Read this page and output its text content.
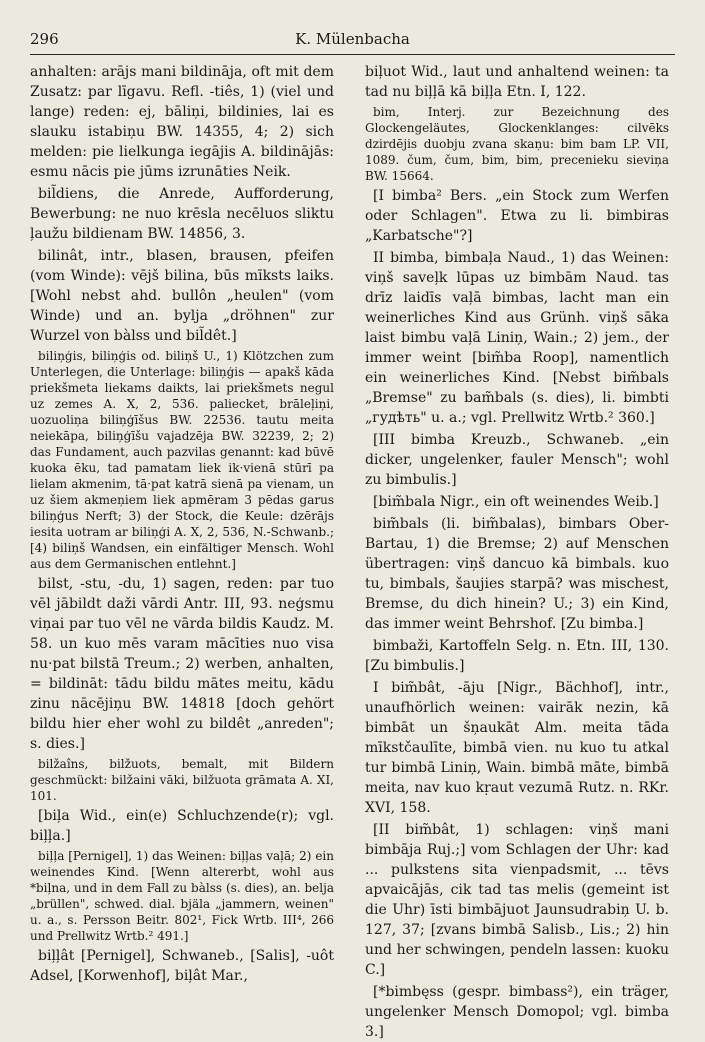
296	K. Mülenbacha

anhalten: arājs mani bildināja, oft mit dem Zusatz: par līgavu. Refl. -tiês, 1) (viel und lange) reden: ej, bāliņi, bildinies, lai es slauku istabiņu BW. 14355, 4; 2) sich melden: pie lielkunga iegājis A. bildinājās: esmu nācis pie jūms izrunāties Neik.

bil̃diens, die Anrede, Aufforderung, Bewerbung: ne nuo krēsla necēluos sliktu ļaužu bildienam BW. 14856, 3.

bilinât, intr., blasen, brausen, pfeifen (vom Winde): vējš bilina, būs mīksts laiks. [Wohl nebst ahd. bullôn „heulen" (vom Winde) und an. bylja „dröhnen" zur Wurzel von bàlss und bil̃dêt.]

biliņģis, biliņģis od. biliņš U., 1) Klötzchen zum Unterlegen, die Unterlage: biliņģis — apakš kāda priekšmeta liekams daikts, lai priekšmets negul uz zemes A. X, 2, 536. paliecket, brāleļiņi, uozuoliņa biliņģīšus BW. 22536. tautu meita neiekāpa, biliņģīšu vajadzēja BW. 32239, 2; 2) das Fundament, auch pazvilas genannt: kad būvē kuoka ēku, tad pamatam liek ik·vienā stūrī pa lielam akmenim, tā·pat katrā sienā pa vienam, un uz šiem akmeņiem liek apmēram 3 pēdas garus biliņģus Nerft; 3) der Stock, die Keule: dzērājs iesita uotram ar biliņģi A. X, 2, 536, N.-Schwanb.; [4) biliņš Wandsen, ein einfältiger Mensch. Wohl aus dem Germanischen entlehnt.]

bilst, -stu, -du, 1) sagen, reden: par tuo vēl jābildt daži vārdi Antr. III, 93. neģsmu viņai par tuo vēl ne vārda bildis Kaudz. M. 58. un kuo mēs varam mācīties nuo visa nu·pat bilstā Treum.; 2) werben, anhalten, = bildināt: tādu bildu mātes meitu, kādu zinu nācējiņu BW. 14818 [doch gehört bildu hier eher wohl zu bildêt „anreden"; s. dies.]

bilžaîns, bilžuots, bemalt, mit Bildern geschmückt: bilžaini vāki, bilžuota grāmata A. XI, 101.

[biļa Wid., ein(e) Schluchzende(r); vgl. biļļa.]

biļļa [Pernigel], 1) das Weinen: biļļas vaļā; 2) ein weinendes Kind. [Wenn altererbt, wohl aus *biļna, und in dem Fall zu bàlss (s. dies), an. belja „brüllen", schwed. dial. bjäla „jammern, weinen" u. a., s. Persson Beitr. 802¹, Fick Wrtb. III⁴, 266 und Prellwitz Wrtb.² 491.]

biļļât [Pernigel], Schwaneb., [Salis], -uôt Adsel, [Korwenhof], biļât Mar.,

biļuot Wid., laut und anhaltend weinen: ta tad nu biļļā kā biļļa Etn. I, 122.

bim, Interj. zur Bezeichnung des Glockengeläutes, Glockenklanges: cilvēks dzirdējis duobju zvana skaņu: bim bam LP. VII, 1089. čum, čum, bim, bim, precenieku sieviņa BW. 15664.

[I bimba² Bers. „ein Stock zum Werfen oder Schlagen". Etwa zu li. bimbiras „Karbatsche"?]

II bimba, bimbaļa Naud., 1) das Weinen: viņš saveļk lūpas uz bimbām Naud. tas drīz laidīs vaļā bimbas, lacht man ein weinerliches Kind aus Grünh. viņš sāka laist bimbu vaļā Liniņ, Wain.; 2) jem., der immer weint [bim̃ba Roop], namentlich ein weinerliches Kind. [Nebst bim̃bals „Bremse" zu bam̃bals (s. dies), li. bimbti „гудѣть" u. a.; vgl. Prellwitz Wrtb.² 360.]

[III bimba Kreuzb., Schwaneb. „ein dicker, ungelenker, fauler Mensch"; wohl zu bimbulis.]

[bim̃bala Nigr., ein oft weinendes Weib.]

bim̃bals (li. bim̃balas), bimbars Ober-Bartau, 1) die Bremse; 2) auf Menschen übertragen: viņš dancuo kā bimbals. kuo tu, bimbals, šaujies starpā? was mischest, Bremse, du dich hinein? U.; 3) ein Kind, das immer weint Behrshof. [Zu bimba.]

bimbaži, Kartoffeln Selg. n. Etn. III, 130. [Zu bimbulis.]

I bim̃bât, -āju [Nigr., Bächhof], intr., unaufhörlich weinen: vairāk nezin, kā bimbāt un šņaukāt Alm. meita tāda mīkstčaulīte, bimbā vien. nu kuo tu atkal tur bimbā Liniņ, Wain. bimbā māte, bimbā meita, nav kuo kṛaut vezumā Rutz. n. RKr. XVI, 158.

[II bim̃bât, 1) schlagen: viņš mani bimbāja Ruj.;] vom Schlagen der Uhr: kad ... pulkstens sita vienpadsmit, ... tēvs apvaicājās, cik tad tas melis (gemeint ist die Uhr) īsti bimbājuot Jaunsudrabiņ U. b. 127, 37; [zvans bimbā Salisb., Lis.; 2) hin und her schwingen, pendeln lassen: kuoku C.]

[*bimbęss (gespr. bimbass²), ein träger, ungelenker Mensch Domopol; vgl. bimba 3.]
